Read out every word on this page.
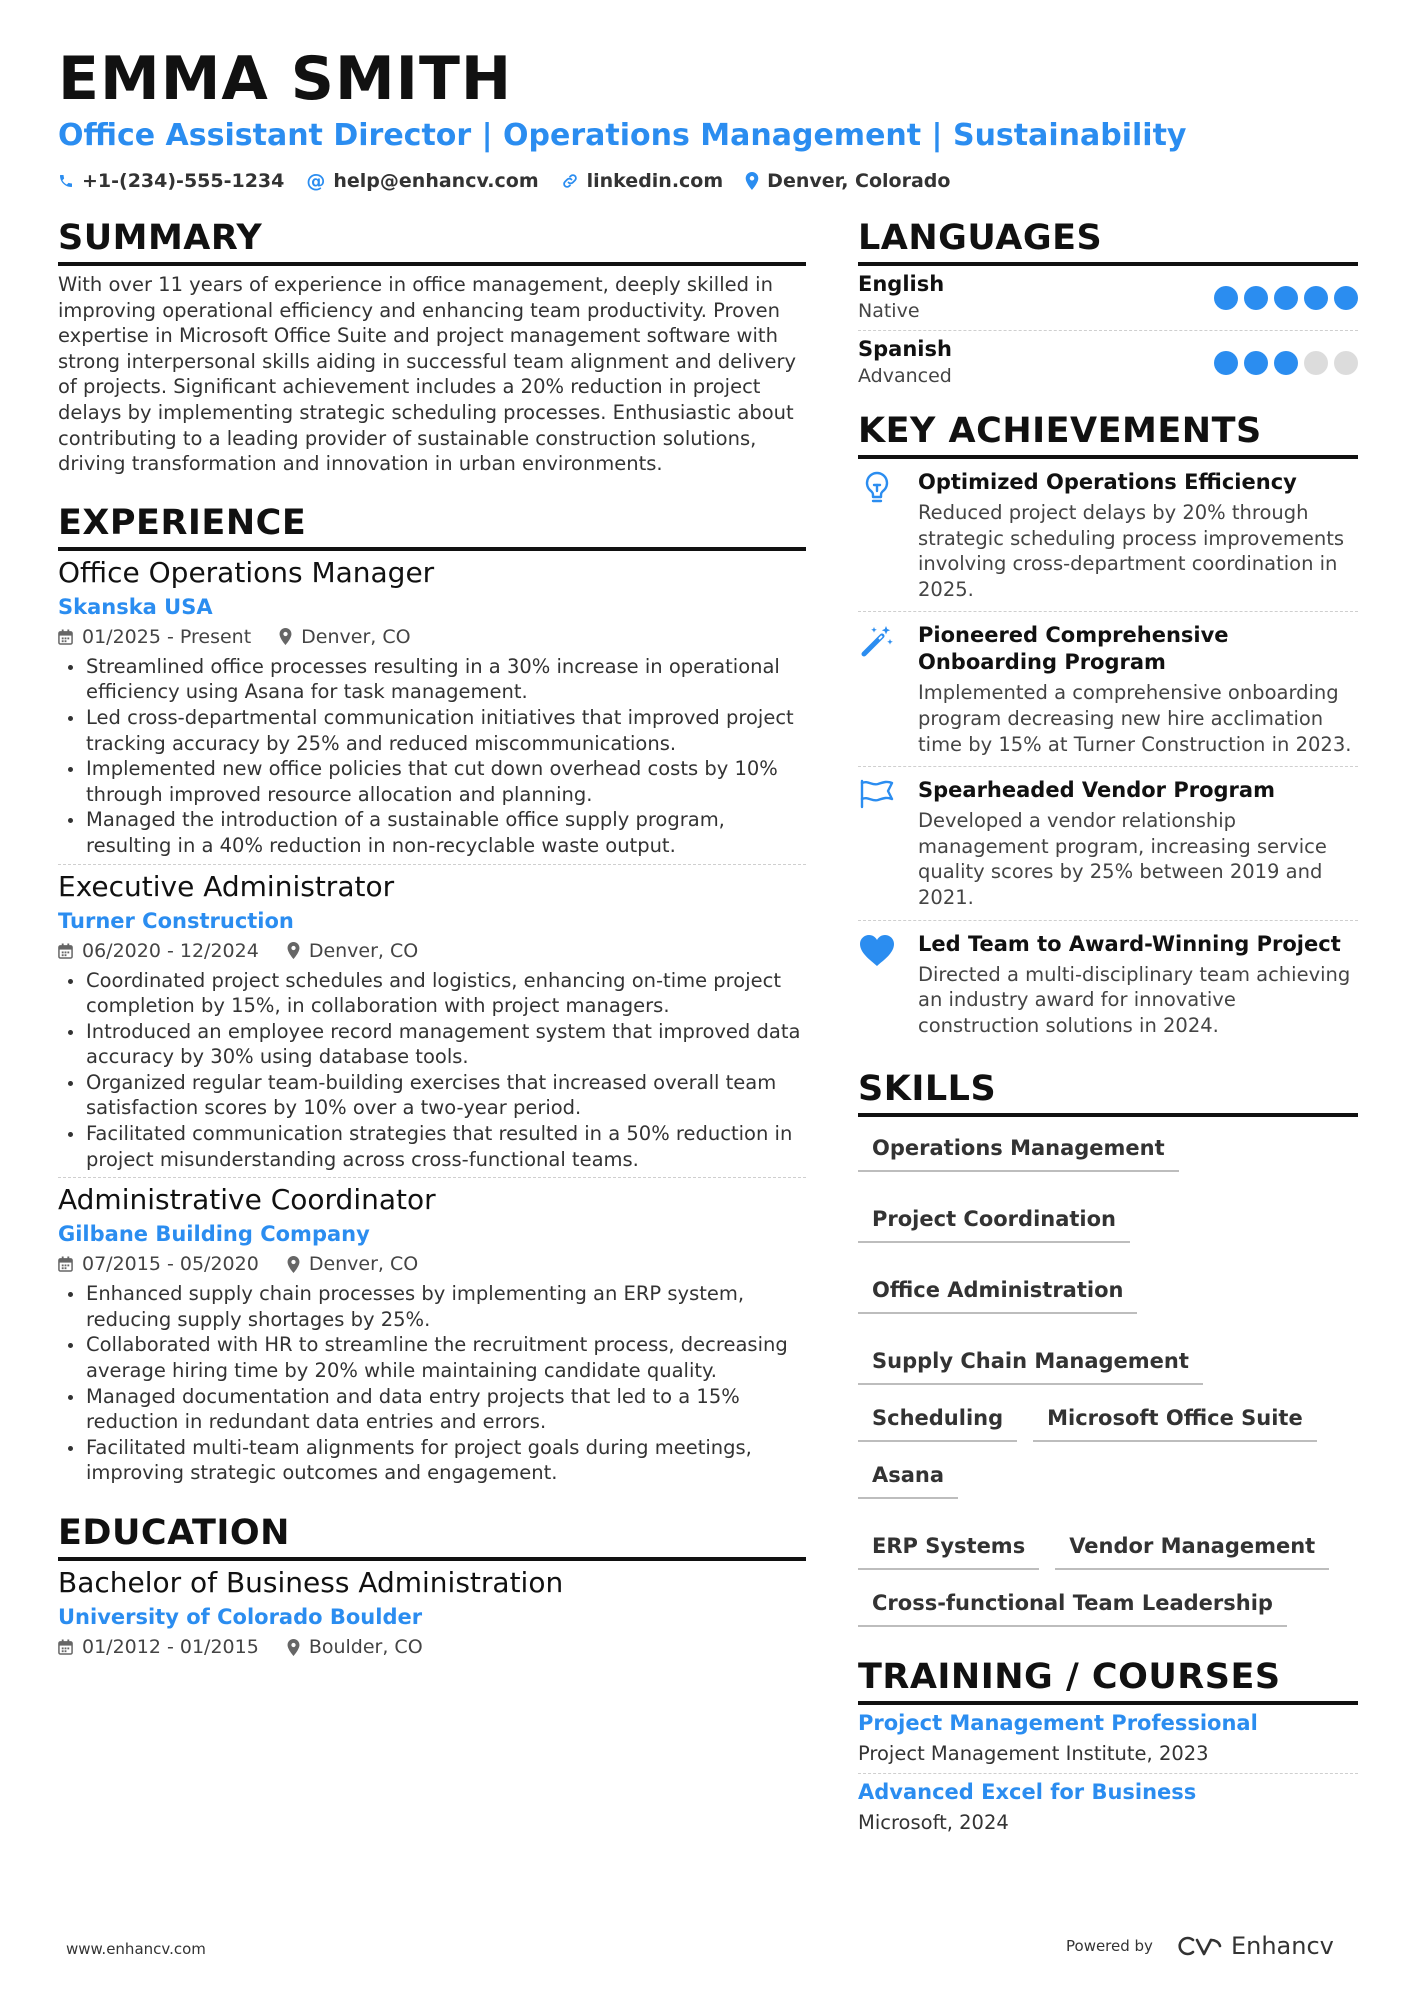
EMMA SMITH
Office Assistant Director | Operations Management | Sustainability
+1-(234)-555-1234 @ help@enhancv.com	linkedin.com Denver, Colorado
SUMMARY
With over 11 years of experience in office management, deeply skilled in improving operational efficiency and enhancing team productivity. Proven expertise in Microsoft Office Suite and project management software with strong interpersonal skills aiding in successful team alignment and delivery of projects. Significant achievement includes a 20% reduction in project delays by implementing strategic scheduling processes. Enthusiastic about contributing to a leading provider of sustainable construction solutions, driving transformation and innovation in urban environments.
EXPERIENCE
Office Operations Manager
Skanska USA
01/2025 - Present	Denver, CO
Streamlined office processes resulting in a 30% increase in operational efficiency using Asana for task management.
Led cross-departmental communication initiatives that improved project tracking accuracy by 25% and reduced miscommunications.
Implemented new office policies that cut down overhead costs by 10% through improved resource allocation and planning.
Managed the introduction of a sustainable office supply program, resulting in a 40% reduction in non-recyclable waste output.
Executive Administrator
Turner Construction
06/2020 - 12/2024	Denver, CO
Coordinated project schedules and logistics, enhancing on-time project completion by 15%, in collaboration with project managers.
Introduced an employee record management system that improved data accuracy by 30% using database tools.
Organized regular team-building exercises that increased overall team satisfaction scores by 10% over a two-year period.
Facilitated communication strategies that resulted in a 50% reduction in project misunderstanding across cross-functional teams.
Administrative Coordinator
Gilbane Building Company
07/2015 - 05/2020	Denver, CO
Enhanced supply chain processes by implementing an ERP system, reducing supply shortages by 25%.
Collaborated with HR to streamline the recruitment process, decreasing average hiring time by 20% while maintaining candidate quality.
Managed documentation and data entry projects that led to a 15% reduction in redundant data entries and errors.
Facilitated multi-team alignments for project goals during meetings, improving strategic outcomes and engagement.
EDUCATION
Bachelor of Business Administration
University of Colorado Boulder
01/2012 - 01/2015	Boulder, CO
LANGUAGES
English
Native
Spanish
Advanced
KEY ACHIEVEMENTS
Optimized Operations Efficiency
Reduced project delays by 20% through strategic scheduling process improvements involving cross-department coordination in 2025.
Pioneered Comprehensive Onboarding Program
Implemented a comprehensive onboarding program decreasing new hire acclimation time by 15% at Turner Construction in 2023.
Spearheaded Vendor Program
Developed a vendor relationship management program, increasing service quality scores by 25% between 2019 and 2021.
Led Team to Award-Winning Project
Directed a multi-disciplinary team achieving an industry award for innovative construction solutions in 2024.
SKILLS
Operations Management
Project Coordination
Office Administration
Supply Chain Management
Scheduling	Microsoft Office Suite
Asana
ERP Systems	Vendor Management
Cross-functional Team Leadership
TRAINING / COURSES
Project Management Professional
Project Management Institute, 2023
Advanced Excel for Business
Microsoft, 2024
www.enhancv.com	Powered by	Enhancv
